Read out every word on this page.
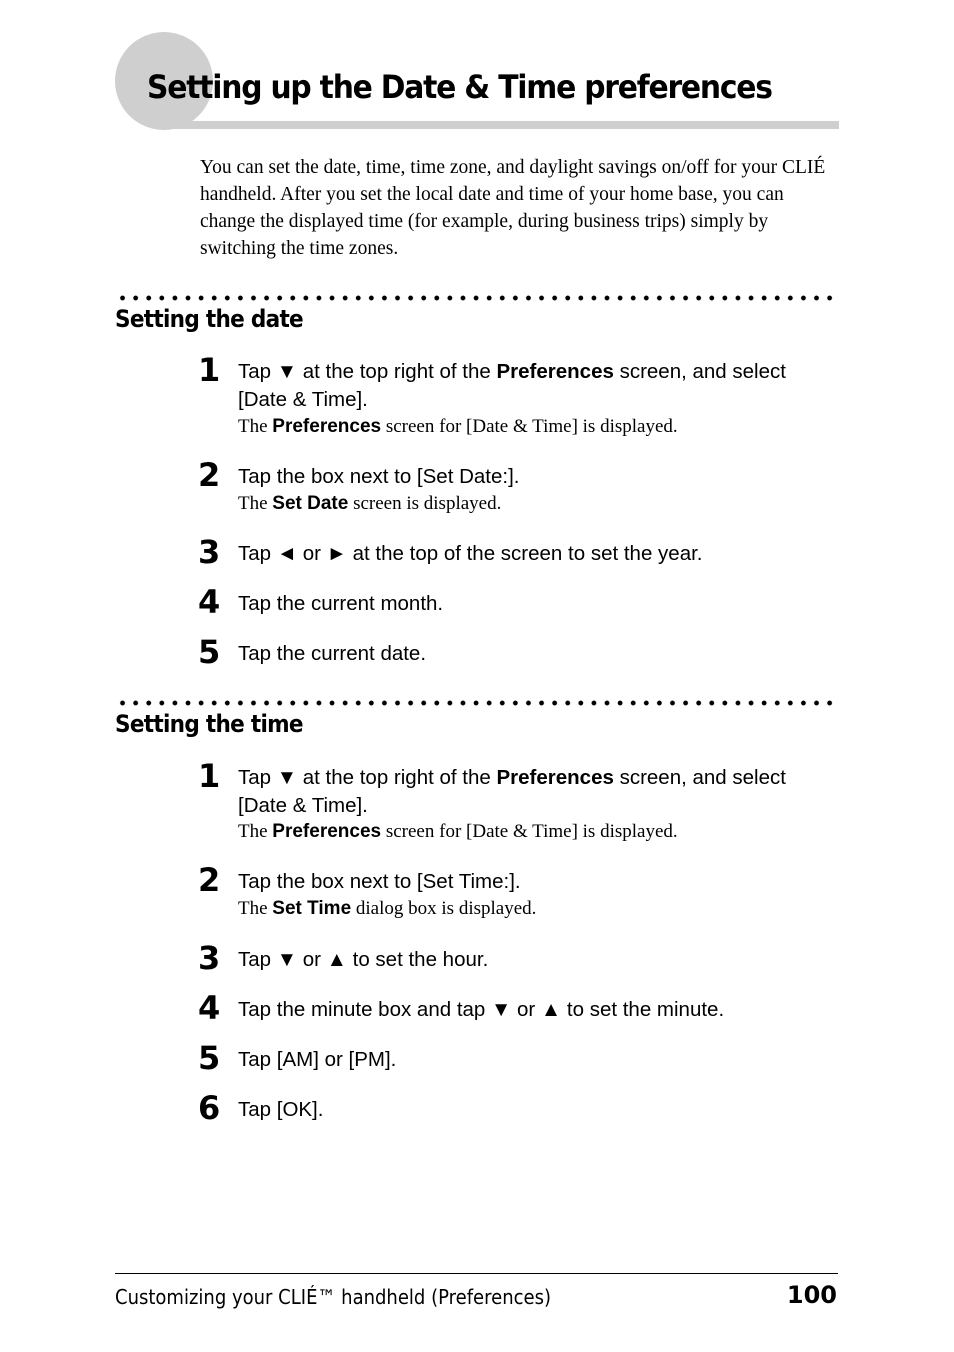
Setting up the Date & Time preferences

You can set the date, time, time zone, and daylight savings on/off for your CLIÉ handheld. After you set the local date and time of your home base, you can change the displayed time (for example, during business trips) simply by switching the time zones.

Setting the date
1 Tap ▼ at the top right of the Preferences screen, and select [Date & Time].

The Preferences screen for [Date & Time] is displayed.

2 Tap the box next to [Set Date:].

The Set Date screen is displayed.

3 Tap ◄ or ► at the top of the screen to set the year.

4 Tap the current month.

5 Tap the current date.

Setting the time
1 Tap ▼ at the top right of the Preferences screen, and select [Date & Time].

The Preferences screen for [Date & Time] is displayed.

2 Tap the box next to [Set Time:].

The Set Time dialog box is displayed.

3 Tap ▼ or ▲ to set the hour.

4 Tap the minute box and tap ▼ or ▲ to set the minute.

5 Tap [AM] or [PM].

6 Tap [OK].

Customizing your CLIÉ™ handheld (Preferences)	100
